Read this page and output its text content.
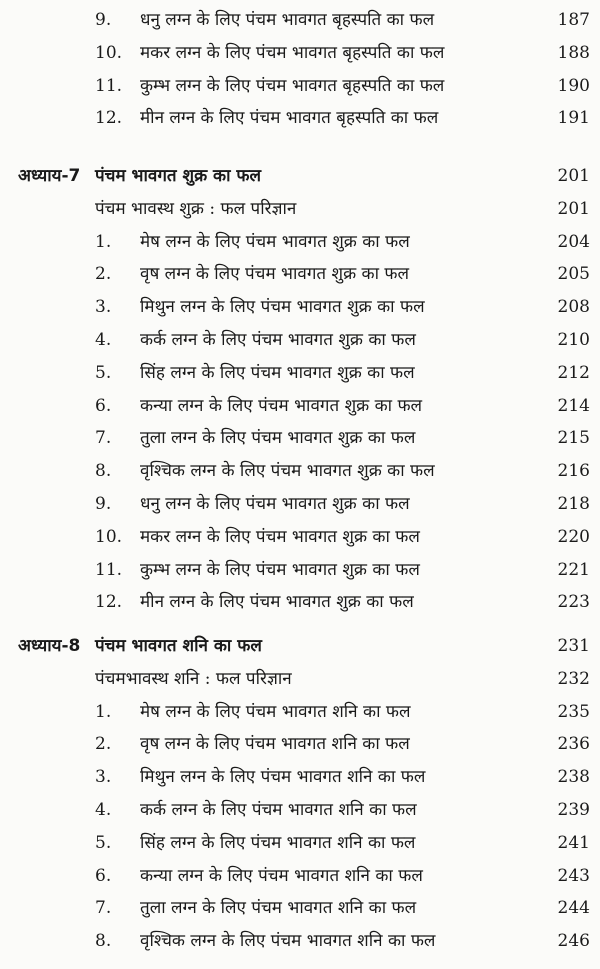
9. धनु लग्न के लिए पंचम भावगत बृहस्पति का फल	187
10. मकर लग्न के लिए पंचम भावगत बृहस्पति का फल	188
11. कुम्भ लग्न के लिए पंचम भावगत बृहस्पति का फल	190
12. मीन लग्न के लिए पंचम भावगत बृहस्पति का फल	191
अध्याय-7 पंचम भावगत शुक्र का फल	201
पंचम भावस्थ शुक्र : फल परिज्ञान	201
1. मेष लग्न के लिए पंचम भावगत शुक्र का फल	204
2. वृष लग्न के लिए पंचम भावगत शुक्र का फल	205
3. मिथुन लग्न के लिए पंचम भावगत शुक्र का फल	208
4. कर्क लग्न के लिए पंचम भावगत शुक्र का फल	210
5. सिंह लग्न के लिए पंचम भावगत शुक्र का फल	212
6. कन्या लग्न के लिए पंचम भावगत शुक्र का फल	214
7. तुला लग्न के लिए पंचम भावगत शुक्र का फल	215
8. वृश्चिक लग्न के लिए पंचम भावगत शुक्र का फल	216
9. धनु लग्न के लिए पंचम भावगत शुक्र का फल	218
10. मकर लग्न के लिए पंचम भावगत शुक्र का फल	220
11. कुम्भ लग्न के लिए पंचम भावगत शुक्र का फल	221
12. मीन लग्न के लिए पंचम भावगत शुक्र का फल	223
अध्याय-8 पंचम भावगत शनि का फल	231
पंचमभावस्थ शनि : फल परिज्ञान	232
1. मेष लग्न के लिए पंचम भावगत शनि का फल	235
2. वृष लग्न के लिए पंचम भावगत शनि का फल	236
3. मिथुन लग्न के लिए पंचम भावगत शनि का फल	238
4. कर्क लग्न के लिए पंचम भावगत शनि का फल	239
5. सिंह लग्न के लिए पंचम भावगत शनि का फल	241
6. कन्या लग्न के लिए पंचम भावगत शनि का फल	243
7. तुला लग्न के लिए पंचम भावगत शनि का फल	244
8. वृश्चिक लग्न के लिए पंचम भावगत शनि का फल	246
